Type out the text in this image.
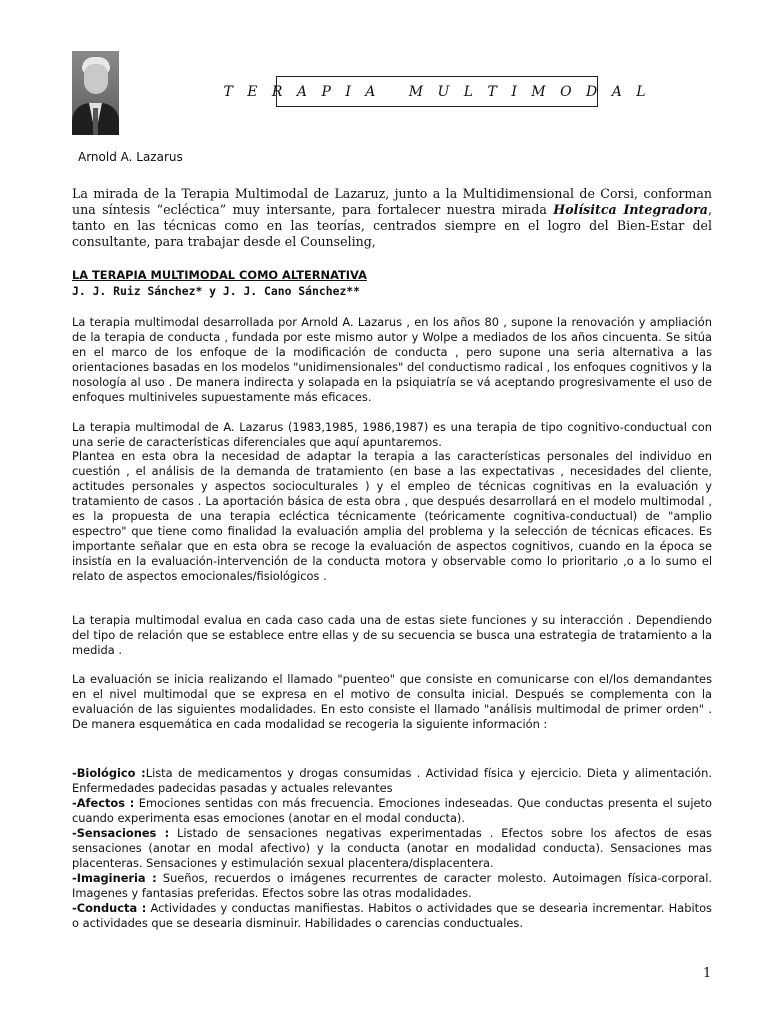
T E R A P I A   M U L T I M O D A L
Arnold A. Lazarus

La mirada de la Terapia Multimodal de Lazaruz, junto a la Multidimensional de Corsi, conforman una síntesis “ecléctica” muy intersante, para fortalecer nuestra mirada Holísitca Integradora, tanto en las técnicas como en las teorías, centrados siempre en el logro del Bien-Estar del consultante, para trabajar desde el Counseling,

LA TERAPIA MULTIMODAL COMO ALTERNATIVA
J. J. Ruiz Sánchez* y J. J. Cano Sánchez**

La terapia multimodal desarrollada por Arnold A. Lazarus , en los años 80 , supone la renovación y ampliación de la terapia de conducta , fundada por este mismo autor y Wolpe a mediados de los años cincuenta. Se sitúa en el marco de los enfoque de la modificación de conducta , pero supone una seria alternativa a las orientaciones basadas en los modelos "unidimensionales" del conductismo radical , los enfoques cognitivos y la nosología al uso . De manera indirecta y solapada en la psiquiatría se vá aceptando progresivamente el uso de enfoques multiniveles supuestamente más eficaces.

La terapia multimodal de A. Lazarus (1983,1985, 1986,1987) es una terapia de tipo cognitivo-conductual con una serie de características diferenciales que aquí apuntaremos.

Plantea en esta obra la necesidad de adaptar la terapia a las características personales del individuo en cuestión , el análisis de la demanda de tratamiento (en base a las expectativas , necesidades del cliente, actitudes personales y aspectos socioculturales ) y el empleo de técnicas cognitivas en la evaluación y tratamiento de casos . La aportación básica de esta obra , que después desarrollará en el modelo multimodal , es la propuesta de una terapia ecléctica técnicamente (teóricamente cognitiva-conductual) de "amplio espectro" que tiene como finalidad la evaluación amplia del problema y la selección de técnicas eficaces. Es importante señalar que en esta obra se recoge la evaluación de aspectos cognitivos, cuando en la época se insistía en la evaluación-intervención de la conducta motora y observable como lo prioritario ,o a lo sumo el relato de aspectos emocionales/fisiológicos .

La terapia multimodal evalua en cada caso cada una de estas siete funciones y su interacción . Dependiendo del tipo de relación que se establece entre ellas y de su secuencia se busca una estrategia de tratamiento a la medida .

La evaluación se inicia realizando el llamado "puenteo" que consiste en comunicarse con el/los demandantes en el nivel multimodal que se expresa en el motivo de consulta inicial. Después se complementa con la evaluación de las siguientes modalidades. En esto consiste el llamado "análisis multimodal de primer orden" . De manera esquemática en cada modalidad se recogeria la siguiente información :

-Biológico :Lista de medicamentos y drogas consumidas . Actividad física y ejercicio. Dieta y alimentación. Enfermedades padecidas pasadas y actuales relevantes
-Afectos : Emociones sentidas con más frecuencia. Emociones indeseadas. Que conductas presenta el sujeto cuando experimenta esas emociones (anotar en el modal conducta).
-Sensaciones : Listado de sensaciones negativas experimentadas . Efectos sobre los afectos de esas sensaciones (anotar en modal afectivo) y la conducta (anotar en modalidad conducta). Sensaciones mas placenteras. Sensaciones y estimulación sexual placentera/displacentera.
-Imagineria : Sueños, recuerdos o imágenes recurrentes de caracter molesto. Autoimagen física-corporal. Imagenes y fantasias preferidas. Efectos sobre las otras modalidades.
-Conducta : Actividades y conductas manifiestas. Habitos o actividades que se desearia incrementar. Habitos o actividades que se desearia disminuir. Habilidades o carencias conductuales.
1
